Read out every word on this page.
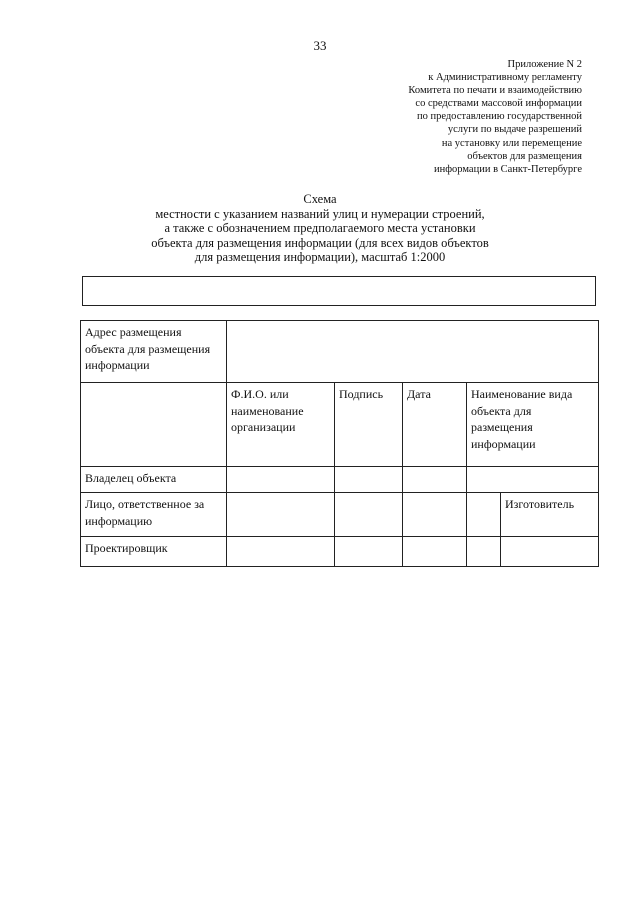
33
Приложение N 2
к Административному регламенту
Комитета по печати и взаимодействию
со средствами массовой информации
по предоставлению государственной
услуги по выдаче разрешений
на установку или перемещение
объектов для размещения
информации в Санкт-Петербурге
Схема
местности с указанием названий улиц и нумерации строений,
а также с обозначением предполагаемого места установки
объекта для размещения информации (для всех видов объектов
для размещения информации), масштаб 1:2000
Адрес размещения объекта для размещения информации					
	Ф.И.О. или наименование организации	Подпись	Дата	Наименование вида объекта для размещения информации	
Владелец объекта					
Лицо, ответственное за информацию					Изготовитель
Проектировщик					
